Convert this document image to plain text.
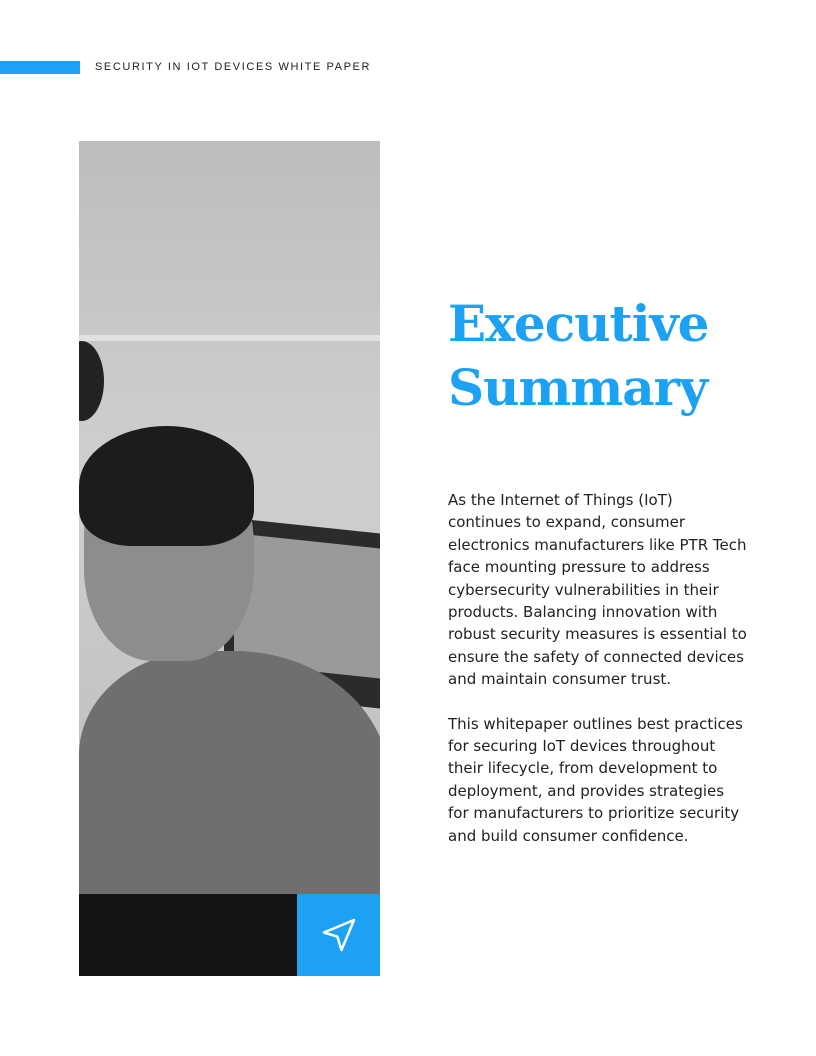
SECURITY IN IOT DEVICES WHITE PAPER
Executive
Summary

As the Internet of Things (IoT) continues to expand, consumer electronics manufacturers like PTR Tech face mounting pressure to address cybersecurity vulnerabilities in their products. Balancing innovation with robust security measures is essential to ensure the safety of connected devices and maintain consumer trust.

This whitepaper outlines best practices for securing IoT devices throughout their lifecycle, from development to deployment, and provides strategies for manufacturers to prioritize security and build consumer confidence.
